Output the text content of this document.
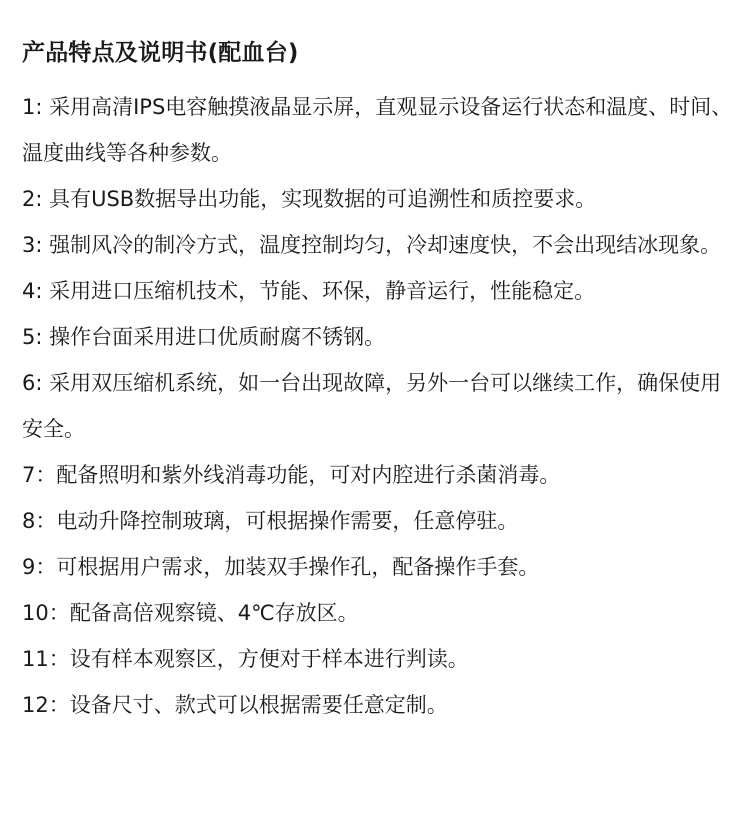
产品特点及说明书(配血台)

1: 采用高清IPS电容触摸液晶显示屏，直观显示设备运行状态和温度、时间、温度曲线等各种参数。

2: 具有USB数据导出功能，实现数据的可追溯性和质控要求。

3: 强制风冷的制冷方式，温度控制均匀，冷却速度快，不会出现结冰现象。

4: 采用进口压缩机技术，节能、环保，静音运行，性能稳定。

5: 操作台面采用进口优质耐腐不锈钢。

6: 采用双压缩机系统，如一台出现故障，另外一台可以继续工作，确保使用安全。

7：配备照明和紫外线消毒功能，可对内腔进行杀菌消毒。

8：电动升降控制玻璃，可根据操作需要，任意停驻。

9：可根据用户需求，加装双手操作孔，配备操作手套。

10：配备高倍观察镜、4℃存放区。

11：设有样本观察区，方便对于样本进行判读。

12：设备尺寸、款式可以根据需要任意定制。
